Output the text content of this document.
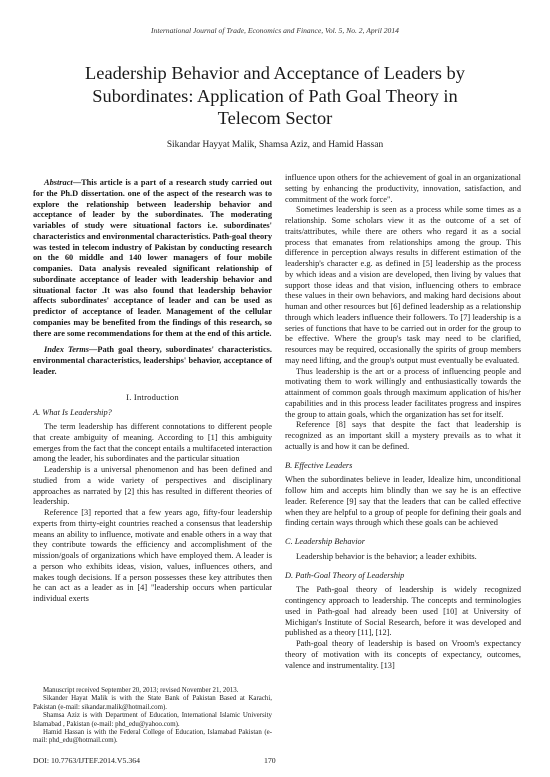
International Journal of Trade, Economics and Finance, Vol. 5, No. 2, April 2014
Leadership Behavior and Acceptance of Leaders by Subordinates: Application of Path Goal Theory in Telecom Sector
Sikandar Hayyat Malik, Shamsa Aziz, and Hamid Hassan

Abstract—This article is a part of a research study carried out for the Ph.D dissertation. one of the aspect of the research was to explore the relationship between leadership behavior and acceptance of leader by the subordinates. The moderating variables of study were situational factors i.e. subordinates' characteristics and environmental characteristics. Path-goal theory was tested in telecom industry of Pakistan by conducting research on the 60 middle and 140 lower managers of four mobile companies. Data analysis revealed significant relationship of subordinate acceptance of leader with leadership behavior and situational factor .It was also found that leadership behavior affects subordinates' acceptance of leader and can be used as predictor of acceptance of leader. Management of the cellular companies may be benefited from the findings of this research, so there are some recommendations for them at the end of this article.

Index Terms—Path goal theory, subordinates' characteristics. environmental characteristics, leaderships' behavior, acceptance of leader.

I. Introduction
A. What Is Leadership?

The term leadership has different connotations to different people that create ambiguity of meaning. According to [1] this ambiguity emerges from the fact that the concept entails a multifaceted interaction among the leader, his subordinates and the particular situation

Leadership is a universal phenomenon and has been defined and studied from a wide variety of perspectives and disciplinary approaches as narrated by [2] this has resulted in different theories of leadership.

Reference [3] reported that a few years ago, fifty-four leadership experts from thirty-eight countries reached a consensus that leadership means an ability to influence, motivate and enable others in a way that they contribute towards the efficiency and accomplishment of the mission/goals of organizations which have employed them. A leader is a person who exhibits ideas, vision, values, influences others, and makes tough decisions. If a person possesses these key attributes then he can act as a leader as in [4] "leadership occurs when particular individual exerts

Manuscript received September 20, 2013; revised November 21, 2013.

Sikander Hayat Malik is with the State Bank of Pakistan Based at Karachi, Pakistan (e-mail: sikandar.malik@hotmail.com).

Shamsa Aziz is with Department of Education, International Islamic University Islamabad , Pakistan (e-mail: phd_edu@yahoo.com).

Hamid Hassan is with the Federal College of Education, Islamabad Pakistan (e-mail: phd_edu@hotmail.com).

influence upon others for the achievement of goal in an organizational setting by enhancing the productivity, innovation, satisfaction, and commitment of the work force".

Sometimes leadership is seen as a process while some times as a relationship. Some scholars view it as the outcome of a set of traits/attributes, while there are others who regard it as a social process that emanates from relationships among the group. This difference in perception always results in different estimation of the leadership's character e.g. as defined in [5] leadership as the process by which ideas and a vision are developed, then living by values that support those ideas and that vision, influencing others to embrace these values in their own behaviors, and making hard decisions about human and other resources but [6] defined leadership as a relationship through which leaders influence their followers. To [7] leadership is a series of functions that have to be carried out in order for the group to be effective. Where the group's task may need to be clarified, resources may be required, occasionally the spirits of group members may need lifting, and the group's output must eventually be evaluated.

Thus leadership is the art or a process of influencing people and motivating them to work willingly and enthusiastically towards the attainment of common goals through maximum application of his/her capabilities and in this process leader facilitates progress and inspires the group to attain goals, which the organization has set for itself.

Reference [8] says that despite the fact that leadership is recognized as an important skill a mystery prevails as to what it actually is and how it can be defined.

B. Effective Leaders

When the subordinates believe in leader, Idealize him, unconditional follow him and accepts him blindly than we say he is an effective leader. Reference [9] say that the leaders that can be called effective when they are helpful to a group of people for defining their goals and finding certain ways through which these goals can be achieved

C. Leadership Behavior

Leadership behavior is the behavior; a leader exhibits.

D. Path-Goal Theory of Leadership

The Path-goal theory of leadership is widely recognized contingency approach to leadership. The concepts and terminologies used in Path-goal had already been used [10] at University of Michigan's Institute of Social Research, before it was developed and published as a theory [11], [12].

Path-goal theory of leadership is based on Vroom's expectancy theory of motivation with its concepts of expectancy, outcomes, valence and instrumentality. [13]

DOI: 10.7763/IJTEF.2014.V5.364	170
